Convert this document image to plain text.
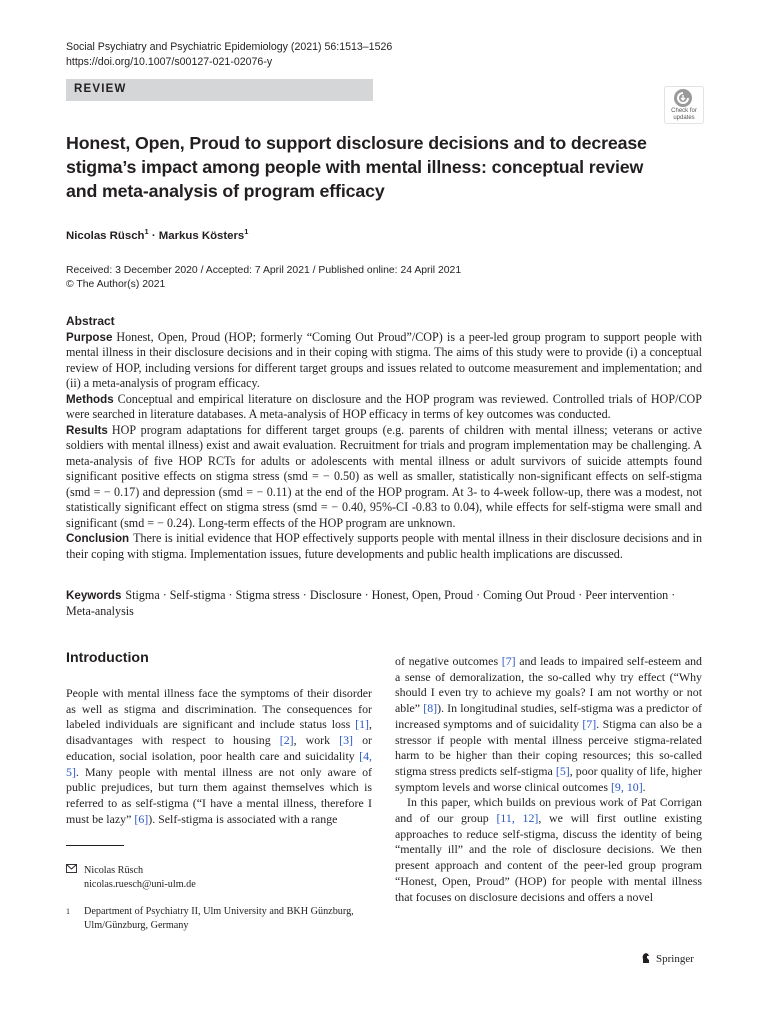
Social Psychiatry and Psychiatric Epidemiology (2021) 56:1513–1526
https://doi.org/10.1007/s00127-021-02076-y
REVIEW
Check for
updates
Honest, Open, Proud to support disclosure decisions and to decrease stigma’s impact among people with mental illness: conceptual review and meta-analysis of program efficacy
Nicolas Rüsch$^1$ · Markus Kösters$^1$
Received: 3 December 2020 / Accepted: 7 April 2021 / Published online: 24 April 2021
© The Author(s) 2021
Abstract

Purpose Honest, Open, Proud (HOP; formerly “Coming Out Proud”/COP) is a peer-led group program to support people with mental illness in their disclosure decisions and in their coping with stigma. The aims of this study were to provide (i) a conceptual review of HOP, including versions for different target groups and issues related to outcome measurement and implementation; and (ii) a meta-analysis of program efficacy.

Methods Conceptual and empirical literature on disclosure and the HOP program was reviewed. Controlled trials of HOP/COP were searched in literature databases. A meta-analysis of HOP efficacy in terms of key outcomes was conducted.

Results HOP program adaptations for different target groups (e.g. parents of children with mental illness; veterans or active soldiers with mental illness) exist and await evaluation. Recruitment for trials and program implementation may be challenging. A meta-analysis of five HOP RCTs for adults or adolescents with mental illness or adult survivors of suicide attempts found significant positive effects on stigma stress (smd = − 0.50) as well as smaller, statistically non-significant effects on self-stigma (smd = − 0.17) and depression (smd = − 0.11) at the end of the HOP program. At 3- to 4-week follow-up, there was a modest, not statistically significant effect on stigma stress (smd = − 0.40, 95%-CI -0.83 to 0.04), while effects for self-stigma were small and significant (smd = − 0.24). Long-term effects of the HOP program are unknown.

Conclusion There is initial evidence that HOP effectively supports people with mental illness in their disclosure decisions and in their coping with stigma. Implementation issues, future developments and public health implications are discussed.

Keywords Stigma · Self-stigma · Stigma stress · Disclosure · Honest, Open, Proud · Coming Out Proud · Peer intervention · Meta-analysis
Introduction

People with mental illness face the symptoms of their disorder as well as stigma and discrimination. The consequences for labeled individuals are significant and include status loss [1], disadvantages with respect to housing [2], work [3] or education, social isolation, poor health care and suicidality [4, 5]. Many people with mental illness are not only aware of public prejudices, but turn them against themselves which is referred to as self-stigma (“I have a mental illness, therefore I must be lazy” [6]). Self-stigma is associated with a range

of negative outcomes [7] and leads to impaired self-esteem and a sense of demoralization, the so-called why try effect (“Why should I even try to achieve my goals? I am not worthy or not able” [8]). In longitudinal studies, self-stigma was a predictor of increased symptoms and of suicidality [7]. Stigma can also be a stressor if people with mental illness perceive stigma-related harm to be higher than their coping resources; this so-called stigma stress predicts self-stigma [5], poor quality of life, higher symptom levels and worse clinical outcomes [9, 10].

In this paper, which builds on previous work of Pat Corrigan and of our group [11, 12], we will first outline existing approaches to reduce self-stigma, discuss the identity of being “mentally ill” and the role of disclosure decisions. We then present approach and content of the peer-led group program “Honest, Open, Proud” (HOP) for people with mental illness that focuses on disclosure decisions and offers a novel

Nicolas Rüsch
nicolas.ruesch@uni-ulm.de
1 Department of Psychiatry II, Ulm University and BKH Günzburg, Ulm/Günzburg, Germany
Springer
